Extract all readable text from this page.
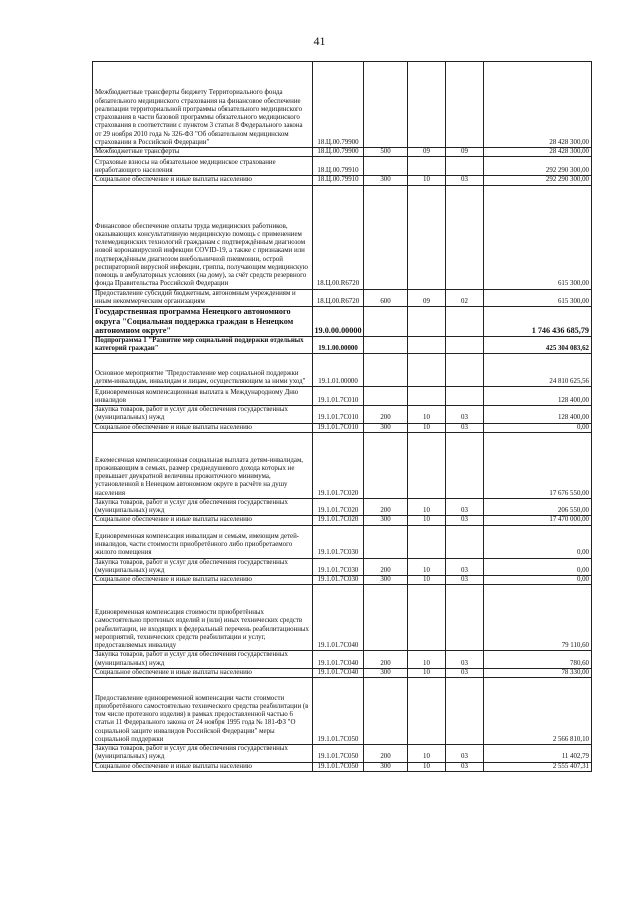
41
Межбюджетные трансферты бюджету Территориального фонда обязательного медицинского страхования на финансовое обеспечение реализации территориальной программы обязательного медицинского страхования в части базовой программы обязательного медицинского страхования в соответствии с пунктом 3 статьи 8 Федерального закона от 29 ноября 2010 года № 326-ФЗ "Об обязательном медицинском страховании в Российской Федерации"	18.Ц.00.79900				28 428 300,00
Межбюджетные трансферты	18.Ц.00.79900	500	09	09	28 428 300,00
Страховые взносы на обязательное медицинское страхование неработающего населения	18.Ц.00.79910				292 290 300,00
Социальное обеспечение и иные выплаты населению	18.Ц.00.79910	300	10	03	292 290 300,00
Финансовое обеспечение оплаты труда медицинских работников, оказывающих консультативную медицинскую помощь с применением телемедицинских технологий гражданам с подтверждённым диагнозом новой коронавирусной инфекции COVID-19, а также с признаками или подтверждённым диагнозом внебольничной пневмонии, острой респираторной вирусной инфекции, гриппа, получающим медицинскую помощь в амбулаторных условиях (на дому), за счёт средств резервного фонда Правительства Российской Федерации	18.Ц.00.R6720				615 300,00
Предоставление субсидий бюджетным, автономным учреждениям и иным некоммерческим организациям	18.Ц.00.R6720	600	09	02	615 300,00
Государственная программа Ненецкого автономного округа "Социальная поддержка граждан в Ненецком автономном округе"	19.0.00.00000				1 746 436 685,79
Подпрограмма 1 "Развитие мер социальной поддержки отдельных категорий граждан"	19.1.00.00000				425 304 083,62
Основное мероприятие "Предоставление мер социальной поддержки детям-инвалидам, инвалидам и лицам, осуществляющим за ними уход"	19.1.01.00000				24 810 625,56
Единовременная компенсационная выплата к Международному Дню инвалидов	19.1.01.7С010				128 400,00
Закупка товаров, работ и услуг для обеспечения государственных (муниципальных) нужд	19.1.01.7С010	200	10	03	128 400,00
Социальное обеспечение и иные выплаты населению	19.1.01.7С010	300	10	03	0,00
Ежемесячная компенсационная социальная выплата детям-инвалидам, проживающим в семьях, размер среднедушевого дохода которых не превышает двукратной величины прожиточного минимума, установленной в Ненецком автономном округе в расчёте на душу населения	19.1.01.7С020				17 676 550,00
Закупка товаров, работ и услуг для обеспечения государственных (муниципальных) нужд	19.1.01.7С020	200	10	03	206 550,00
Социальное обеспечение и иные выплаты населению	19.1.01.7С020	300	10	03	17 470 000,00
Единовременная компенсация инвалидам и семьям, имеющим детей-инвалидов, части стоимости приобретённого либо приобретаемого жилого помещения	19.1.01.7С030				0,00
Закупка товаров, работ и услуг для обеспечения государственных (муниципальных) нужд	19.1.01.7С030	200	10	03	0,00
Социальное обеспечение и иные выплаты населению	19.1.01.7С030	300	10	03	0,00
Единовременная компенсация стоимости приобретённых самостоятельно протезных изделий и (или) иных технических средств реабилитации, не входящих в федеральный перечень реабилитационных мероприятий, технических средств реабилитации и услуг, предоставляемых инвалиду	19.1.01.7С040				79 110,60
Закупка товаров, работ и услуг для обеспечения государственных (муниципальных) нужд	19.1.01.7С040	200	10	03	780,60
Социальное обеспечение и иные выплаты населению	19.1.01.7С040	300	10	03	78 330,00
Предоставление единовременной компенсации части стоимости приобретённого самостоятельно технического средства реабилитации (в том числе протезного изделия) в рамках предоставленной частью 6 статьи 11 Федерального закона от 24 ноября 1995 года № 181-ФЗ "О социальной защите инвалидов Российской Федерации" меры социальной поддержки	19.1.01.7С050				2 566 810,10
Закупка товаров, работ и услуг для обеспечения государственных (муниципальных) нужд	19.1.01.7С050	200	10	03	11 402,79
Социальное обеспечение и иные выплаты населению	19.1.01.7С050	300	10	03	2 555 407,31
